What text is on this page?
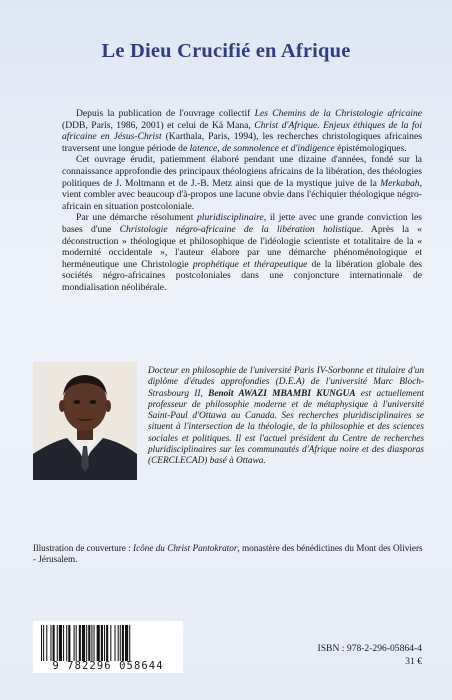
Le Dieu Crucifié en Afrique

Depuis la publication de l'ouvrage collectif Les Chemins de la Christologie africaine (DDB, Paris, 1986, 2001) et celui de Kä Mana, Christ d'Afrique. Enjeux éthiques de la foi africaine en Jésus-Christ (Karthala, Paris, 1994), les recherches christologiques africaines traversent une longue période de latence, de somnolence et d'indigence épistémologiques.

Cet ouvrage érudit, patiemment élaboré pendant une dizaine d'années, fondé sur la connaissance approfondie des principaux théologiens africains de la libération, des théologies politiques de J. Moltmann et de J.-B. Metz ainsi que de la mystique juive de la Merkabah, vient combler avec beaucoup d'à-propos une lacune obvie dans l'échiquier théologique négro-africain en situation postcoloniale.

Par une démarche résolument pluridisciplinaire, il jette avec une grande conviction les bases d'une Christologie négro-africaine de la libération holistique. Après la « déconstruction » théologique et philosophique de l'idéologie scientiste et totalitaire de la « modernité occidentale », l'auteur élabore par une démarche phénoménologique et herméneutique une Christologie prophétique et thérapeutique de la libération globale des sociétés négro-africaines postcoloniales dans une conjoncture internationale de mondialisation néolibérale.

Docteur en philosophie de l'université Paris IV-Sorbonne et titulaire d'un diplôme d'études approfondies (D.E.A) de l'université Marc Bloch-Strasbourg II, Benoît AWAZI MBAMBI KUNGUA est actuellement professeur de philosophie moderne et de métaphysique à l'université Saint-Paul d'Ottawa au Canada. Ses recherches pluridisciplinaires se situent à l'intersection de la théologie, de la philosophie et des sciences sociales et politiques. Il est l'actuel président du Centre de recherches pluridisciplinaires sur les communautés d'Afrique noire et des diasporas (CERCLECAD) basé à Ottawa.
Illustration de couverture : Icône du Christ Pantokrator, monastère des bénédictines du Mont des Oliviers - Jérusalem.
9 782296 058644
ISBN : 978-2-296-05864-4
31 €
